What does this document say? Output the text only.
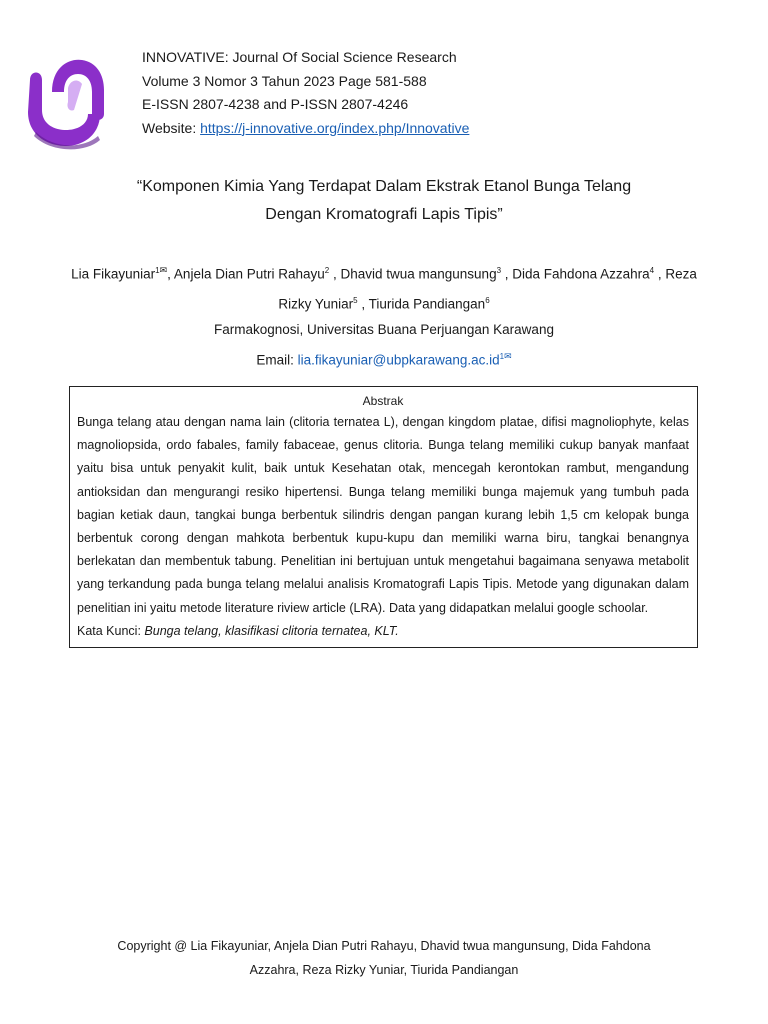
INNOVATIVE: Journal Of Social Science Research
Volume 3 Nomor 3 Tahun 2023 Page 581-588
E-ISSN 2807-4238 and P-ISSN 2807-4246
Website: https://j-innovative.org/index.php/Innovative
“Komponen Kimia Yang Terdapat Dalam Ekstrak Etanol Bunga Telang
Dengan Kromatografi Lapis Tipis”
Lia Fikayuniar$^{1✉}$, Anjela Dian Putri Rahayu$^2$ , Dhavid twua mangunsung$^3$ , Dida Fahdona Azzahra$^4$ , Reza Rizky Yuniar$^5$ , Tiurida Pandiangan$^6$
Farmakognosi, Universitas Buana Perjuangan Karawang
Email: $lia.fikayuniar@ubpkarawang.ac.id^{1✉}$
Abstrak
Bunga telang atau dengan nama lain (clitoria ternatea L), dengan kingdom platae, difisi magnoliophyte, kelas magnoliopsida, ordo fabales, family fabaceae, genus clitoria. Bunga telang memiliki cukup banyak manfaat yaitu bisa untuk penyakit kulit, baik untuk Kesehatan otak, mencegah kerontokan rambut, mengandung antioksidan dan mengurangi resiko hipertensi. Bunga telang memiliki bunga majemuk yang tumbuh pada bagian ketiak daun, tangkai bunga berbentuk silindris dengan pangan kurang lebih 1,5 cm kelopak bunga berbentuk corong dengan mahkota berbentuk kupu-kupu dan memiliki warna biru, tangkai benangnya berlekatan dan membentuk tabung. Penelitian ini bertujuan untuk mengetahui bagaimana senyawa metabolit yang terkandung pada bunga telang melalui analisis Kromatografi Lapis Tipis. Metode yang digunakan dalam penelitian ini yaitu metode literature riview article (LRA). Data yang didapatkan melalui google schoolar.
Kata Kunci: Bunga telang, klasifikasi clitoria ternatea, KLT.
Copyright @ Lia Fikayuniar, Anjela Dian Putri Rahayu, Dhavid twua mangunsung, Dida Fahdona
Azzahra, Reza Rizky Yuniar, Tiurida Pandiangan
